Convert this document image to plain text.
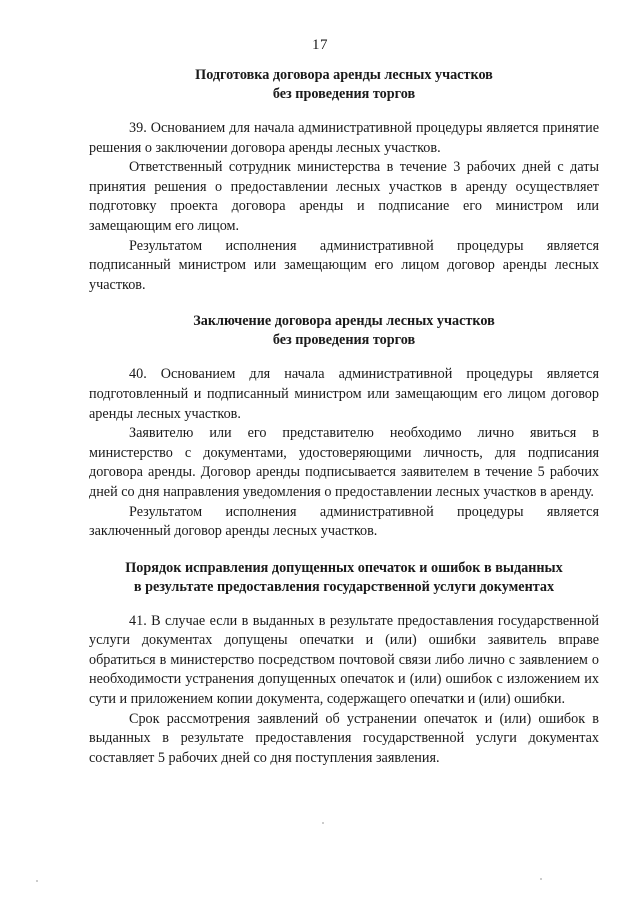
17
Подготовка договора аренды лесных участков
без проведения торгов

39. Основанием для начала административной процедуры является принятие решения о заключении договора аренды лесных участков.

Ответственный сотрудник министерства в течение 3 рабочих дней с даты принятия решения о предоставлении лесных участков в аренду осуществляет подготовку проекта договора аренды и подписание его министром или замещающим его лицом.

Результатом исполнения административной процедуры является подписанный министром или замещающим его лицом договор аренды лесных участков.

Заключение договора аренды лесных участков
без проведения торгов

40. Основанием для начала административной процедуры является подготовленный и подписанный министром или замещающим его лицом договор аренды лесных участков.

Заявителю или его представителю необходимо лично явиться в министерство с документами, удостоверяющими личность, для подписания договора аренды. Договор аренды подписывается заявителем в течение 5 рабочих дней со дня направления уведомления о предоставлении лесных участков в аренду.

Результатом исполнения административной процедуры является заключенный договор аренды лесных участков.

Порядок исправления допущенных опечаток и ошибок в выданных
в результате предоставления государственной услуги документах

41. В случае если в выданных в результате предоставления государственной услуги документах допущены опечатки и (или) ошибки заявитель вправе обратиться в министерство посредством почтовой связи либо лично с заявлением о необходимости устранения допущенных опечаток и (или) ошибок с изложением их сути и приложением копии документа, содержащего опечатки и (или) ошибки.

Срок рассмотрения заявлений об устранении опечаток и (или) ошибок в выданных в результате предоставления государственной услуги документах составляет 5 рабочих дней со дня поступления заявления.
